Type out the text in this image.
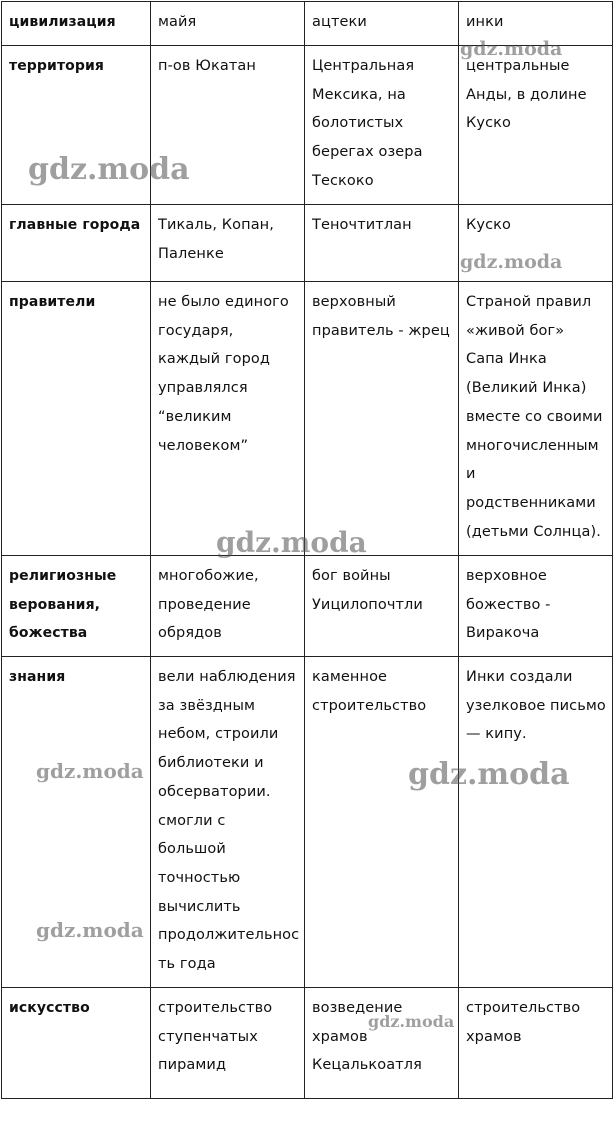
цивилизация	майя	ацтеки	инки
территория	п-ов Юкатан	Центральная Мексика, на болотистых берегах озера Тескоко	центральные Анды, в долине Куско
главные города	Тикаль, Копан, Паленке	Теночтитлан	Куско
правители	не было единого государя, каждый город управлялся “великим человеком”	верховный правитель - жрец	Страной правил «живой бог» Сапа Инка (Великий Инка) вместе со своими многочисленным и родственниками (детьми Солнца).
религиозные верования, божества	многобожие, проведение обрядов	бог войны Уицилопочтли	верховное божество - Виракоча
знания	вели наблюдения за звёздным небом, строили библиотеки и обсерватории. смогли с большой точностью вычислить продолжительнос ть года	каменное строительство	Инки создали узелковое письмо — кипу.
искусство	строительство ступенчатых пирамид	возведение храмов Кецалькоатля	строительство храмов
gdz.moda
gdz.moda
gdz.moda
gdz.moda
gdz.moda	gdz.moda
gdz.moda
gdz.moda
